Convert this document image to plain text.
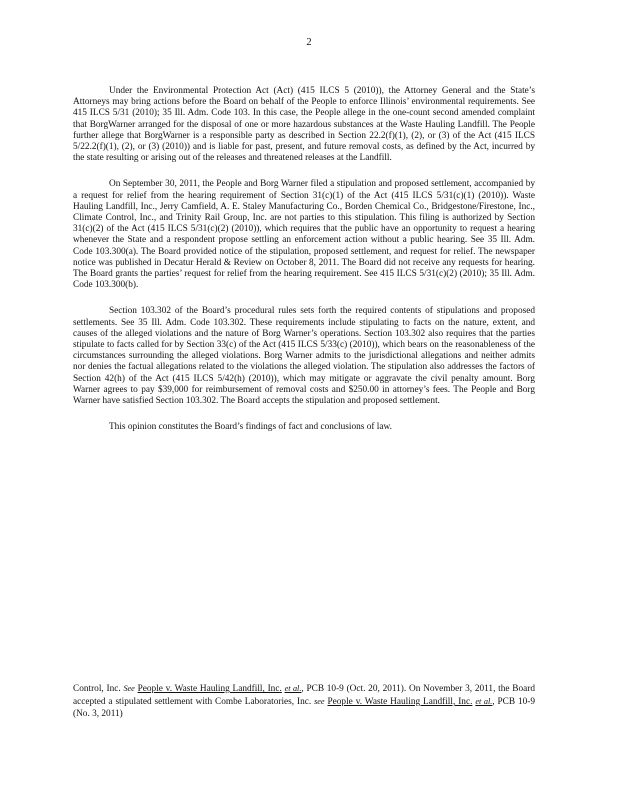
2

Under the Environmental Protection Act (Act) (415 ILCS 5 (2010)), the Attorney General and the State’s Attorneys may bring actions before the Board on behalf of the People to enforce Illinois’ environmental requirements. See 415 ILCS 5/31 (2010); 35 Ill. Adm. Code 103. In this case, the People allege in the one-count second amended complaint that BorgWarner arranged for the disposal of one or more hazardous substances at the Waste Hauling Landfill. The People further allege that BorgWarner is a responsible party as described in Section 22.2(f)(1), (2), or (3) of the Act (415 ILCS 5/22.2(f)(1), (2), or (3) (2010)) and is liable for past, present, and future removal costs, as defined by the Act, incurred by the state resulting or arising out of the releases and threatened releases at the Landfill.

On September 30, 2011, the People and Borg Warner filed a stipulation and proposed settlement, accompanied by a request for relief from the hearing requirement of Section 31(c)(1) of the Act (415 ILCS 5/31(c)(1) (2010)). Waste Hauling Landfill, Inc., Jerry Camfield, A. E. Staley Manufacturing Co., Borden Chemical Co., Bridgestone/Firestone, Inc., Climate Control, Inc., and Trinity Rail Group, Inc. are not parties to this stipulation. This filing is authorized by Section 31(c)(2) of the Act (415 ILCS 5/31(c)(2) (2010)), which requires that the public have an opportunity to request a hearing whenever the State and a respondent propose settling an enforcement action without a public hearing. See 35 Ill. Adm. Code 103.300(a). The Board provided notice of the stipulation, proposed settlement, and request for relief. The newspaper notice was published in Decatur Herald & Review on October 8, 2011. The Board did not receive any requests for hearing. The Board grants the parties’ request for relief from the hearing requirement. See 415 ILCS 5/31(c)(2) (2010); 35 Ill. Adm. Code 103.300(b).

Section 103.302 of the Board’s procedural rules sets forth the required contents of stipulations and proposed settlements. See 35 Ill. Adm. Code 103.302. These requirements include stipulating to facts on the nature, extent, and causes of the alleged violations and the nature of Borg Warner’s operations. Section 103.302 also requires that the parties stipulate to facts called for by Section 33(c) of the Act (415 ILCS 5/33(c) (2010)), which bears on the reasonableness of the circumstances surrounding the alleged violations. Borg Warner admits to the jurisdictional allegations and neither admits nor denies the factual allegations related to the violations the alleged violation. The stipulation also addresses the factors of Section 42(h) of the Act (415 ILCS 5/42(h) (2010)), which may mitigate or aggravate the civil penalty amount. Borg Warner agrees to pay $39,000 for reimbursement of removal costs and $250.00 in attorney’s fees. The People and Borg Warner have satisfied Section 103.302. The Board accepts the stipulation and proposed settlement.

This opinion constitutes the Board’s findings of fact and conclusions of law.

Control, Inc. See People v. Waste Hauling Landfill, Inc. et al., PCB 10-9 (Oct. 20, 2011). On November 3, 2011, the Board accepted a stipulated settlement with Combe Laboratories, Inc. see People v. Waste Hauling Landfill, Inc. et al., PCB 10-9 (No. 3, 2011)
